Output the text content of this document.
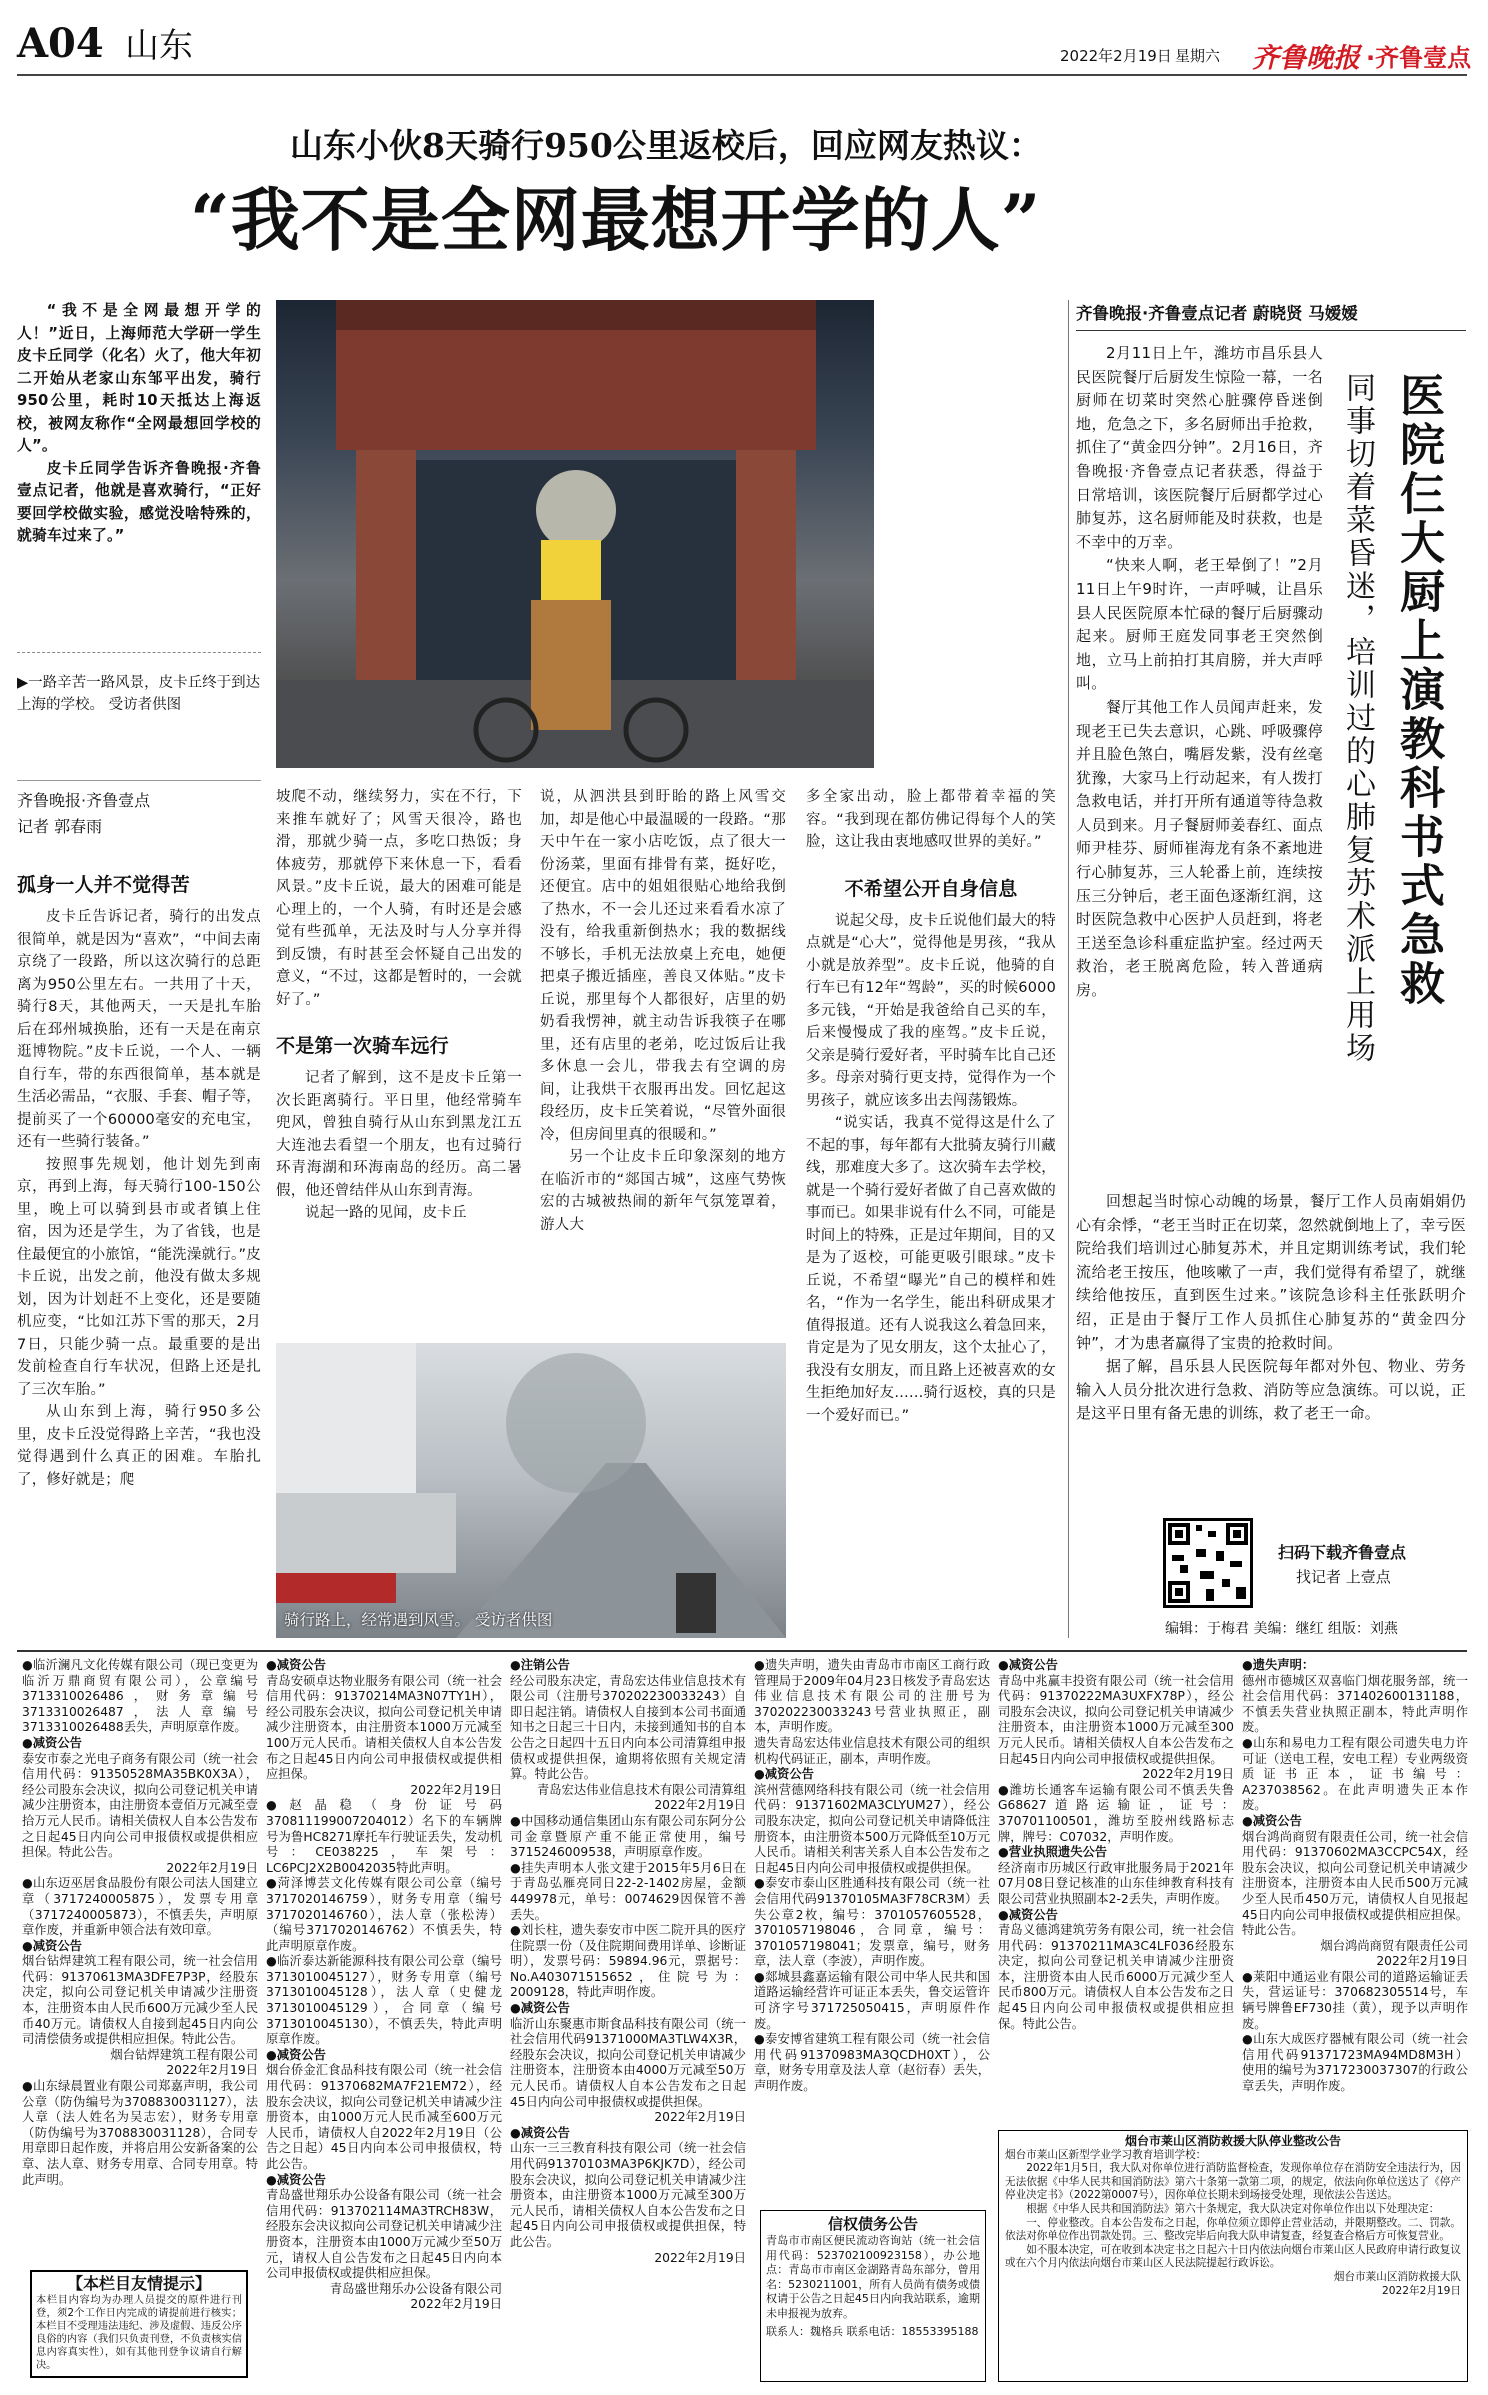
A04 山东	2022年2月19日 星期六 齐鲁晚报 ·齐鲁壹点
山东小伙8天骑行950公里返校后，回应网友热议：
“我不是全网最想开学的人”

“我不是全网最想开学的人！”近日，上海师范大学研一学生皮卡丘同学（化名）火了，他大年初二开始从老家山东邹平出发，骑行950公里，耗时10天抵达上海返校，被网友称作“全网最想回学校的人”。

皮卡丘同学告诉齐鲁晚报·齐鲁壹点记者，他就是喜欢骑行，“正好要回学校做实验，感觉没啥特殊的，就骑车过来了。”

▶一路辛苦一路风景，皮卡丘终于到达上海的学校。 受访者供图
齐鲁晚报·齐鲁壹点
记者 郭春雨
孤身一人并不觉得苦

皮卡丘告诉记者，骑行的出发点很简单，就是因为“喜欢”，“中间去南京绕了一段路，所以这次骑行的总距离为950公里左右。一共用了十天，骑行8天，其他两天，一天是扎车胎后在邳州城换胎，还有一天是在南京逛博物院。”皮卡丘说，一个人、一辆自行车，带的东西很简单，基本就是生活必需品，“衣服、手套、帽子等，提前买了一个60000毫安的充电宝，还有一些骑行装备。”

按照事先规划，他计划先到南京，再到上海，每天骑行100-150公里，晚上可以骑到县市或者镇上住宿，因为还是学生，为了省钱，也是住最便宜的小旅馆，“能洗澡就行。”皮卡丘说，出发之前，他没有做太多规划，因为计划赶不上变化，还是要随机应变，“比如江苏下雪的那天，2月7日，只能少骑一点。最重要的是出发前检查自行车状况，但路上还是扎了三次车胎。”

从山东到上海，骑行950多公里，皮卡丘没觉得路上辛苦，“我也没觉得遇到什么真正的困难。车胎扎了，修好就是；爬

坡爬不动，继续努力，实在不行，下来推车就好了；风雪天很冷，路也滑，那就少骑一点，多吃口热饭；身体疲劳，那就停下来休息一下，看看风景。”皮卡丘说，最大的困难可能是心理上的，一个人骑，有时还是会感觉有些孤单，无法及时与人分享并得到反馈，有时甚至会怀疑自己出发的意义，“不过，这都是暂时的，一会就好了。”

不是第一次骑车远行

记者了解到，这不是皮卡丘第一次长距离骑行。平日里，他经常骑车兜风，曾独自骑行从山东到黑龙江五大连池去看望一个朋友，也有过骑行环青海湖和环海南岛的经历。高二暑假，他还曾结伴从山东到青海。

说起一路的见闻，皮卡丘

说，从泗洪县到盱眙的路上风雪交加，却是他心中最温暖的一段路。“那天中午在一家小店吃饭，点了很大一份汤菜，里面有排骨有菜，挺好吃，还便宜。店中的姐姐很贴心地给我倒了热水，不一会儿还过来看看水凉了没有，给我重新倒热水；我的数据线不够长，手机无法放桌上充电，她便把桌子搬近插座，善良又体贴。”皮卡丘说，那里每个人都很好，店里的奶奶看我愣神，就主动告诉我筷子在哪里，还有店里的老弟，吃过饭后让我多休息一会儿，带我去有空调的房间，让我烘干衣服再出发。回忆起这段经历，皮卡丘笑着说，“尽管外面很冷，但房间里真的很暖和。”

另一个让皮卡丘印象深刻的地方在临沂市的“郯国古城”，这座气势恢宏的古城被热闹的新年气氛笼罩着，游人大

骑行路上，经常遇到风雪。 受访者供图

多全家出动，脸上都带着幸福的笑容。“我到现在都仿佛记得每个人的笑脸，这让我由衷地感叹世界的美好。”

不希望公开自身信息

说起父母，皮卡丘说他们最大的特点就是“心大”，觉得他是男孩，“我从小就是放养型”。皮卡丘说，他骑的自行车已有12年“驾龄”，买的时候6000多元钱，“开始是我爸给自己买的车，后来慢慢成了我的座驾。”皮卡丘说，父亲是骑行爱好者，平时骑车比自己还多。母亲对骑行更支持，觉得作为一个男孩子，就应该多出去闯荡锻炼。

“说实话，我真不觉得这是什么了不起的事，每年都有大批骑友骑行川藏线，那难度大多了。这次骑车去学校，就是一个骑行爱好者做了自己喜欢做的事而已。如果非说有什么不同，可能是时间上的特殊，正是过年期间，目的又是为了返校，可能更吸引眼球。”皮卡丘说，不希望“曝光”自己的模样和姓名，“作为一名学生，能出科研成果才值得报道。还有人说我这么着急回来，肯定是为了见女朋友，这个太扯心了，我没有女朋友，而且路上还被喜欢的女生拒绝加好友……骑行返校，真的只是一个爱好而已。”

齐鲁晚报·齐鲁壹点记者 蔚晓贤 马嫒嫒

2月11日上午，潍坊市昌乐县人民医院餐厅后厨发生惊险一幕，一名厨师在切菜时突然心脏骤停昏迷倒地，危急之下，多名厨师出手抢救，抓住了“黄金四分钟”。2月16日，齐鲁晚报·齐鲁壹点记者获悉，得益于日常培训，该医院餐厅后厨都学过心肺复苏，这名厨师能及时获救，也是不幸中的万幸。

“快来人啊，老王晕倒了！”2月11日上午9时许，一声呼喊，让昌乐县人民医院原本忙碌的餐厅后厨骤动起来。厨师王庭发同事老王突然倒地，立马上前拍打其肩膀，并大声呼叫。

餐厅其他工作人员闻声赶来，发现老王已失去意识，心跳、呼吸骤停并且脸色煞白，嘴唇发紫，没有丝毫犹豫，大家马上行动起来，有人拨打急救电话，并打开所有通道等待急救人员到来。月子餐厨师姜春红、面点师尹桂芬、厨师崔海龙有条不紊地进行心肺复苏，三人轮番上前，连续按压三分钟后，老王面色逐渐红润，这时医院急救中心医护人员赶到，将老王送至急诊科重症监护室。经过两天救治，老王脱离危险，转入普通病房。	医院仨大厨上演教科书式急救
同事切着菜昏迷，培训过的心肺复苏术派上用场

回想起当时惊心动魄的场景，餐厅工作人员南娟娟仍心有余悸，“老王当时正在切菜，忽然就倒地上了，幸亏医院给我们培训过心肺复苏术，并且定期训练考试，我们轮流给老王按压，他咳嗽了一声，我们觉得有希望了，就继续给他按压，直到医生过来。”该院急诊科主任张跃明介绍，正是由于餐厅工作人员抓住心肺复苏的“黄金四分钟”，才为患者赢得了宝贵的抢救时间。

据了解，昌乐县人民医院每年都对外包、物业、劳务输入人员分批次进行急救、消防等应急演练。可以说，正是这平日里有备无患的训练，救了老王一命。

扫码下载齐鲁壹点
找记者 上壹点
编辑：于梅君 美编：继红 组版：刘燕
●临沂澜凡文化传媒有限公司（现已变更为临沂万鼎商贸有限公司），公章编号3713310026486，财务章编号3713310026487，法人章编号3713310026488丢失，声明原章作废。
●减资公告
泰安市泰之光电子商务有限公司（统一社会信用代码：91350528MA35BK0X3A），经公司股东会决议，拟向公司登记机关申请减少注册资本，由注册资本壹佰万元减至壹拾万元人民币。请相关债权人自本公告发布之日起45日内向公司申报债权或提供相应担保。特此公告。
2022年2月19日
●山东迈巫居食品股份有限公司法人国建立章（3717240005875），发票专用章（3717240005873），不慎丢失，声明原章作废，并重新申领合法有效印章。
●减资公告
烟台钻焊建筑工程有限公司，统一社会信用代码：91370613MA3DFE7P3P，经股东决定，拟向公司登记机关申请减少注册资本，注册资本由人民币600万元减少至人民币40万元。请债权人自接到起45日内向公司清偿债务或提供相应担保。特此公告。
烟台钻焊建筑工程有限公司
2022年2月19日
●山东绿晨置业有限公司郑嘉声明，我公司公章（防伪编号为3708830031127），法人章（法人姓名为吴志宏），财务专用章（防伪编号为3708830031128），合同专用章即日起作废，并将启用公安新备案的公章、法人章、财务专用章、合同专用章。特此声明。
【本栏目友情提示】
本栏目内容均为办理人员提交的原件进行刊登，须2个工作日内完成的请提前进行核实；本栏目不受理违法违纪、涉及虚假、违反公序良俗的内容（我们只负责刊登，不负责核实信息内容真实性），如有其他刊登争议请自行解决。
●减资公告
青岛安硕卓达物业服务有限公司（统一社会信用代码：91370214MA3N07TY1H），经公司股东会决议，拟向公司登记机关申请减少注册资本，由注册资本1000万元减至100万元人民币。请相关债权人自本公告发布之日起45日内向公司申报债权或提供相应担保。
2022年2月19日
●赵晶稳（身份证号码370811199007204012）名下的车辆牌号为鲁HC8271摩托车行驶证丢失，发动机号：CE038225，车架号：LC6PCJ2X2B0042035特此声明。
●菏泽博芸文化传媒有限公司公章（编号3717020146759），财务专用章（编号3717020146760），法人章（张松涛）（编号3717020146762）不慎丢失，特此声明原章作废。
●临沂泰达新能源科技有限公司公章（编号3713010045127），财务专用章（编号3713010045128），法人章（史健龙3713010045129），合同章（编号3713010045130），不慎丢失，特此声明原章作废。
●减资公告
烟台侨金汇食品科技有限公司（统一社会信用代码：91370682MA7F21EM72），经股东会决议，拟向公司登记机关申请减少注册资本，由1000万元人民币减至600万元人民币，请债权人自2022年2月19日（公告之日起）45日内向本公司申报债权，特此公告。
●减资公告
青岛盛世翔乐办公设备有限公司（统一社会信用代码：913702114MA3TRCH83W，经股东会决议拟向公司登记机关申请减少注册资本，注册资本由1000万元减少至50万元，请权人自公告发布之日起45日内向本公司申报债权或提供相应担保。
青岛盛世翔乐办公设备有限公司
2022年2月19日
●注销公告
经公司股东决定，青岛宏达伟业信息技术有限公司（注册号370202230033243）自即日起注销。请债权人自接到本公司书面通知书之日起三十日内，未接到通知书的自本公告之日起四十五日内向本公司清算组申报债权或提供担保，逾期将依照有关规定清算。特此公告。
青岛宏达伟业信息技术有限公司清算组
2022年2月19日
●中国移动通信集团山东有限公司东阿分公司金章暨原产重不能正常使用，编号3715246009538，声明原章作废。
●挂失声明本人张文建于2015年5月6日在于青岛弘雁亮同日22-2-1402房屋，金额449978元，单号：0074629因保管不善丢失。
●刘长柱，遗失泰安市中医二院开具的医疗住院票一份（及住院期间费用详单、诊断证明），发票号码：59894.96元，票据号：No.A403071515652，住院号为：2009128，特此声明作废。
●减资公告
临沂山东聚惠市斯食品科技有限公司（统一社会信用代码91371000MA3TLW4X3R，经股东会决议，拟向公司登记机关申请减少注册资本，注册资本由4000万元减至50万元人民币。请债权人自本公告发布之日起45日内向公司申报债权或提供担保。
2022年2月19日
●减资公告
山东一三三教育科技有限公司（统一社会信用代码91370103MA3P6KJK7D），经公司股东会决议，拟向公司登记机关申请减少注册资本，由注册资本1000万元减至300万元人民币，请相关债权人自本公告发布之日起45日内向公司申报债权或提供担保，特此公告。
2022年2月19日
●遗失声明，遗失由青岛市市南区工商行政管理局于2009年04月23日核发予青岛宏达伟业信息技术有限公司的注册号为370202230033243号营业执照正，副本，声明作废。
遗失青岛宏达伟业信息技术有限公司的组织机构代码证正，副本，声明作废。
●减资公告
滨州营德网络科技有限公司（统一社会信用代码：91371602MA3CLYUM27），经公司股东决定，拟向公司登记机关申请降低注册资本，由注册资本500万元降低至10万元人民币。请相关利害关系人自本公告发布之日起45日内向公司申报债权或提供担保。
●泰安市泰山区胜通科技有限公司（统一社会信用代码91370105MA3F78CR3M）丢失公章2枚，编号：3701057605528，3701057198046，合同章，编号：3701057198041；发票章，编号，财务章，法人章（李波），声明作废。
●郯城县鑫嘉运输有限公司中华人民共和国道路运输经营许可证正本丢失，鲁交运管许可济字号371725050415，声明原件作废。
●泰安博省建筑工程有限公司（统一社会信用代码91370983MA3QCDH0XT），公章，财务专用章及法人章（赵衍春）丢失，声明作废。
信权债务公告
青岛市市南区便民流动咨询站（统一社会信用代码：523702100923158），办公地点：青岛市市南区金湖路青岛东部分，曾用名：5230211001，所有人员尚有债务或债权请于公告之日起45日内向我站联系，逾期未申报视为放弃。
联系人：魏格兵 联系电话：18553395188
●减资公告
青岛中兆赢丰投资有限公司（统一社会信用代码：91370222MA3UXFX78P），经公司股东会决议，拟向公司登记机关申请减少注册资本，由注册资本1000万元减至300万元人民币。请相关债权人自本公告发布之日起45日内向公司申报债权或提供担保。
2022年2月19日
●潍坊长通客车运输有限公司不慎丢失鲁G68627道路运输证，证号：370701100501，潍坊至胶州线路标志牌，牌号：C07032，声明作废。
●营业执照遗失公告
经济南市历城区行政审批服务局于2021年07月08日登记核准的山东佳绅教育科技有限公司营业执照副本2-2丢失，声明作废。
●减资公告
青岛义德鸿建筑劳务有限公司，统一社会信用代码：91370211MA3C4LF036经股东决定，拟向公司登记机关申请减少注册资本，注册资本由人民币6000万元减少至人民币800万元。请债权人自本公告发布之日起45日内向公司申报债权或提供相应担保。特此公告。
●遗失声明：
德州市德城区双喜临门烟花服务部，统一社会信用代码：371402600131188，不慎丢失营业执照正副本，特此声明作废。
●山东和易电力工程有限公司遗失电力许可证（送电工程，安电工程）专业两级资质证书正本，证书编号：A237038562。在此声明遗失正本作废。
●减资公告
烟台鸿尚商贸有限责任公司，统一社会信用代码：91370602MA3CCPC54X，经股东会决议，拟向公司登记机关申请减少注册资本，注册资本由人民币500万元减少至人民币450万元，请债权人自见报起45日内向公司申报债权或提供相应担保。特此公告。
烟台鸿尚商贸有限责任公司
2022年2月19日
●莱阳中通运业有限公司的道路运输证丢失，营运证号：370682305514号，车辆号牌鲁EF730挂（黄），现予以声明作废。
●山东大成医疗器械有限公司（统一社会信用代码91371723MA94MD8M3H）使用的编号为3717230037307的行政公章丢失，声明作废。
烟台市莱山区消防救援大队停业整改公告
烟台市莱山区新型学业学习教育培训学校：
2022年1月5日，我大队对你单位进行消防监督检查，发现你单位存在消防安全违法行为，因无法依据《中华人民共和国消防法》第六十条第一款第二项，的规定，依法向你单位送达了《停产停业决定书》（2022第0007号），因你单位长期未到场接受处理，现依法公告送达。
根据《中华人民共和国消防法》第六十条规定，我大队决定对你单位作出以下处理决定：
一、停业整改。自本公告发布之日起，你单位须立即停止营业活动，并限期整改。二、罚款。依法对你单位作出罚款处罚。三、整改完毕后向我大队申请复查，经复查合格后方可恢复营业。
如不服本决定，可在收到本决定书之日起六十日内依法向烟台市莱山区人民政府申请行政复议或在六个月内依法向烟台市莱山区人民法院提起行政诉讼。
烟台市莱山区消防救援大队
2022年2月19日
